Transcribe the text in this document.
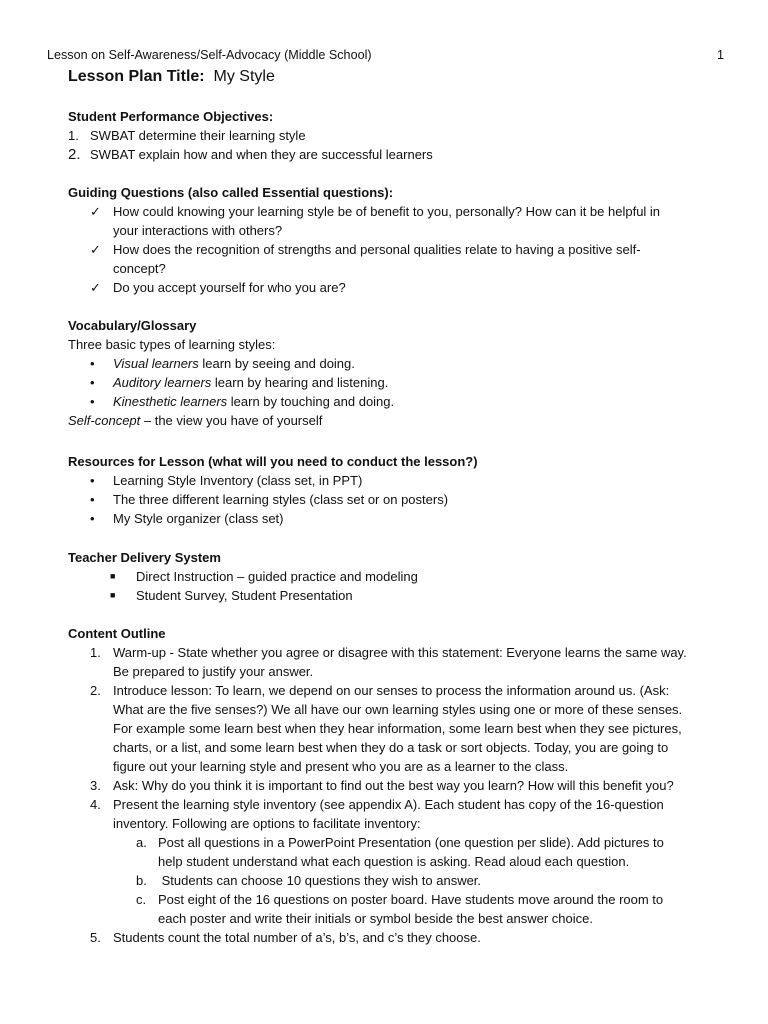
Lesson on Self-Awareness/Self-Advocacy (Middle School)	1
Lesson Plan Title: My Style
Student Performance Objectives:
1. SWBAT determine their learning style
2. SWBAT explain how and when they are successful learners
Guiding Questions (also called Essential questions):
✓ How could knowing your learning style be of benefit to you, personally? How can it be helpful in
your interactions with others?
✓ How does the recognition of strengths and personal qualities relate to having a positive self-
concept?
✓ Do you accept yourself for who you are?
Vocabulary/Glossary
Three basic types of learning styles:
•	Visual learners learn by seeing and doing.
•	Auditory learners learn by hearing and listening.
•	Kinesthetic learners learn by touching and doing.
Self-concept – the view you have of yourself
Resources for Lesson (what will you need to conduct the lesson?)
•	Learning Style Inventory (class set, in PPT)
•	The three different learning styles (class set or on posters)
•	My Style organizer (class set)
Teacher Delivery System
■	Direct Instruction – guided practice and modeling
■	Student Survey, Student Presentation
Content Outline
1. Warm-up - State whether you agree or disagree with this statement: Everyone learns the same way.
Be prepared to justify your answer.
2. Introduce lesson: To learn, we depend on our senses to process the information around us. (Ask:
What are the five senses?) We all have our own learning styles using one or more of these senses.
For example some learn best when they hear information, some learn best when they see pictures,
charts, or a list, and some learn best when they do a task or sort objects. Today, you are going to
figure out your learning style and present who you are as a learner to the class.
3. Ask: Why do you think it is important to find out the best way you learn? How will this benefit you?
4. Present the learning style inventory (see appendix A). Each student has copy of the 16-question
inventory. Following are options to facilitate inventory:
a. Post all questions in a PowerPoint Presentation (one question per slide). Add pictures to
help student understand what each question is asking. Read aloud each question.
b. Students can choose 10 questions they wish to answer.
c. Post eight of the 16 questions on poster board. Have students move around the room to
each poster and write their initials or symbol beside the best answer choice.
5. Students count the total number of a’s, b’s, and c’s they choose.
